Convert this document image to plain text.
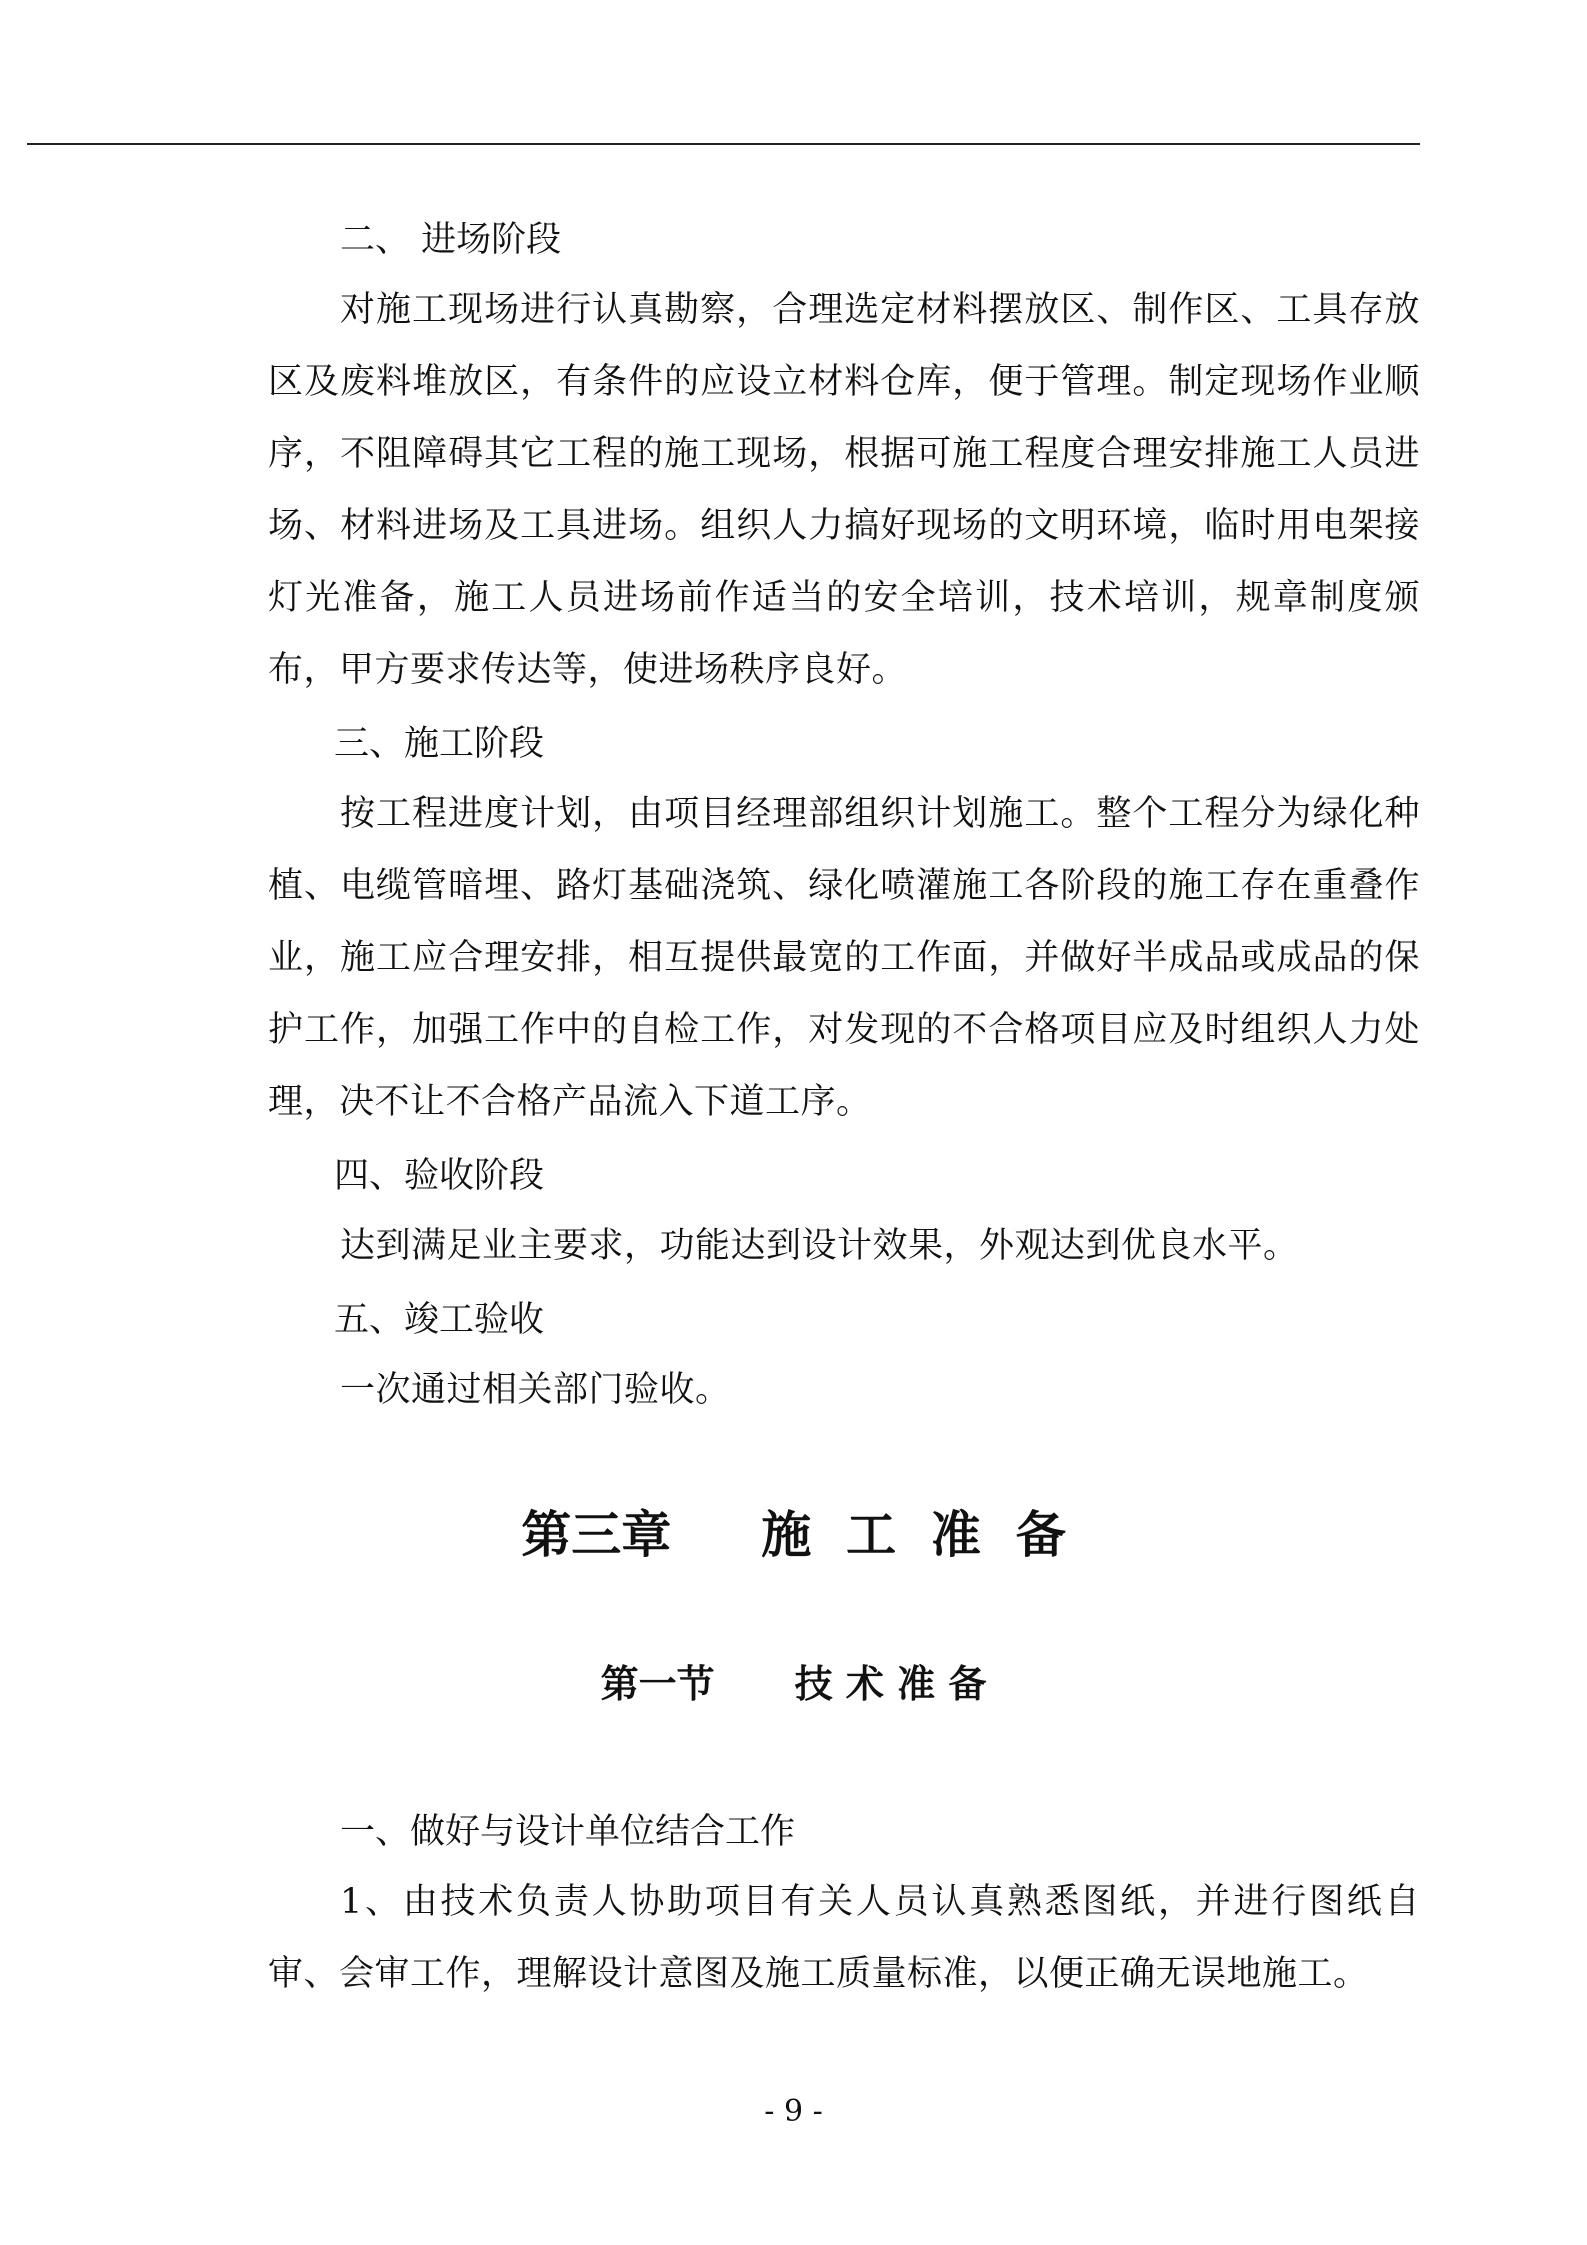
二、 进场阶段
对施工现场进行认真勘察，合理选定材料摆放区、制作区、工具存放区及废料堆放区，有条件的应设立材料仓库，便于管理。制定现场作业顺序，不阻障碍其它工程的施工现场，根据可施工程度合理安排施工人员进场、材料进场及工具进场。组织人力搞好现场的文明环境，临时用电架接灯光准备，施工人员进场前作适当的安全培训，技术培训，规章制度颁布，甲方要求传达等，使进场秩序良好。
三、施工阶段
按工程进度计划，由项目经理部组织计划施工。整个工程分为绿化种植、电缆管暗埋、路灯基础浇筑、绿化喷灌施工各阶段的施工存在重叠作业，施工应合理安排，相互提供最宽的工作面，并做好半成品或成品的保护工作，加强工作中的自检工作，对发现的不合格项目应及时组织人力处理，决不让不合格产品流入下道工序。
四、验收阶段
达到满足业主要求，功能达到设计效果，外观达到优良水平。
五、竣工验收
一次通过相关部门验收。
第三章 施  工  准  备
第一节 技 术 准 备
一、做好与设计单位结合工作
1、由技术负责人协助项目有关人员认真熟悉图纸，并进行图纸自审、会审工作，理解设计意图及施工质量标准，以便正确无误地施工。
- 9 -
